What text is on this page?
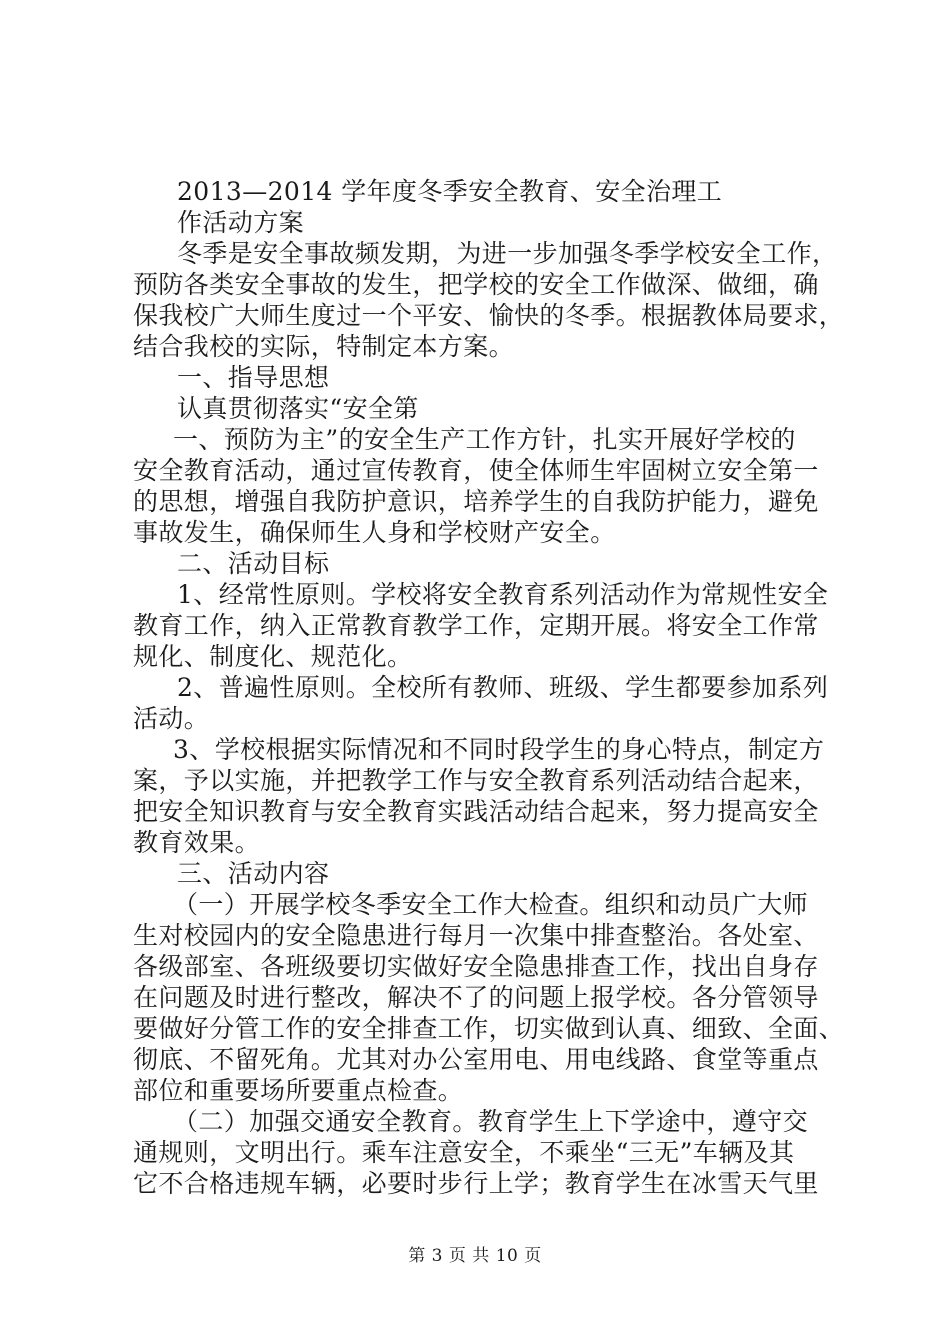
2013—2014 学年度冬季安全教育、安全治理工
作活动方案
冬季是安全事故频发期，为进一步加强冬季学校安全工作，
预防各类安全事故的发生，把学校的安全工作做深、做细，确
保我校广大师生度过一个平安、愉快的冬季。根据教体局要求，
结合我校的实际，特制定本方案。
一、指导思想
认真贯彻落实“安全第
一、预防为主”的安全生产工作方针，扎实开展好学校的
安全教育活动，通过宣传教育，使全体师生牢固树立安全第一
的思想，增强自我防护意识，培养学生的自我防护能力，避免
事故发生，确保师生人身和学校财产安全。
二、活动目标
1、经常性原则。学校将安全教育系列活动作为常规性安全
教育工作，纳入正常教育教学工作，定期开展。将安全工作常
规化、制度化、规范化。
2、普遍性原则。全校所有教师、班级、学生都要参加系列
活动。
3、学校根据实际情况和不同时段学生的身心特点，制定方
案，予以实施，并把教学工作与安全教育系列活动结合起来，
把安全知识教育与安全教育实践活动结合起来，努力提高安全
教育效果。
三、活动内容
（一）开展学校冬季安全工作大检查。组织和动员广大师
生对校园内的安全隐患进行每月一次集中排查整治。各处室、
各级部室、各班级要切实做好安全隐患排查工作，找出自身存
在问题及时进行整改，解决不了的问题上报学校。各分管领导
要做好分管工作的安全排查工作，切实做到认真、细致、全面、
彻底、不留死角。尤其对办公室用电、用电线路、食堂等重点
部位和重要场所要重点检查。
（二）加强交通安全教育。教育学生上下学途中，遵守交
通规则，文明出行。乘车注意安全，不乘坐“三无”车辆及其
它不合格违规车辆，必要时步行上学；教育学生在冰雪天气里
第 3 页 共 10 页
